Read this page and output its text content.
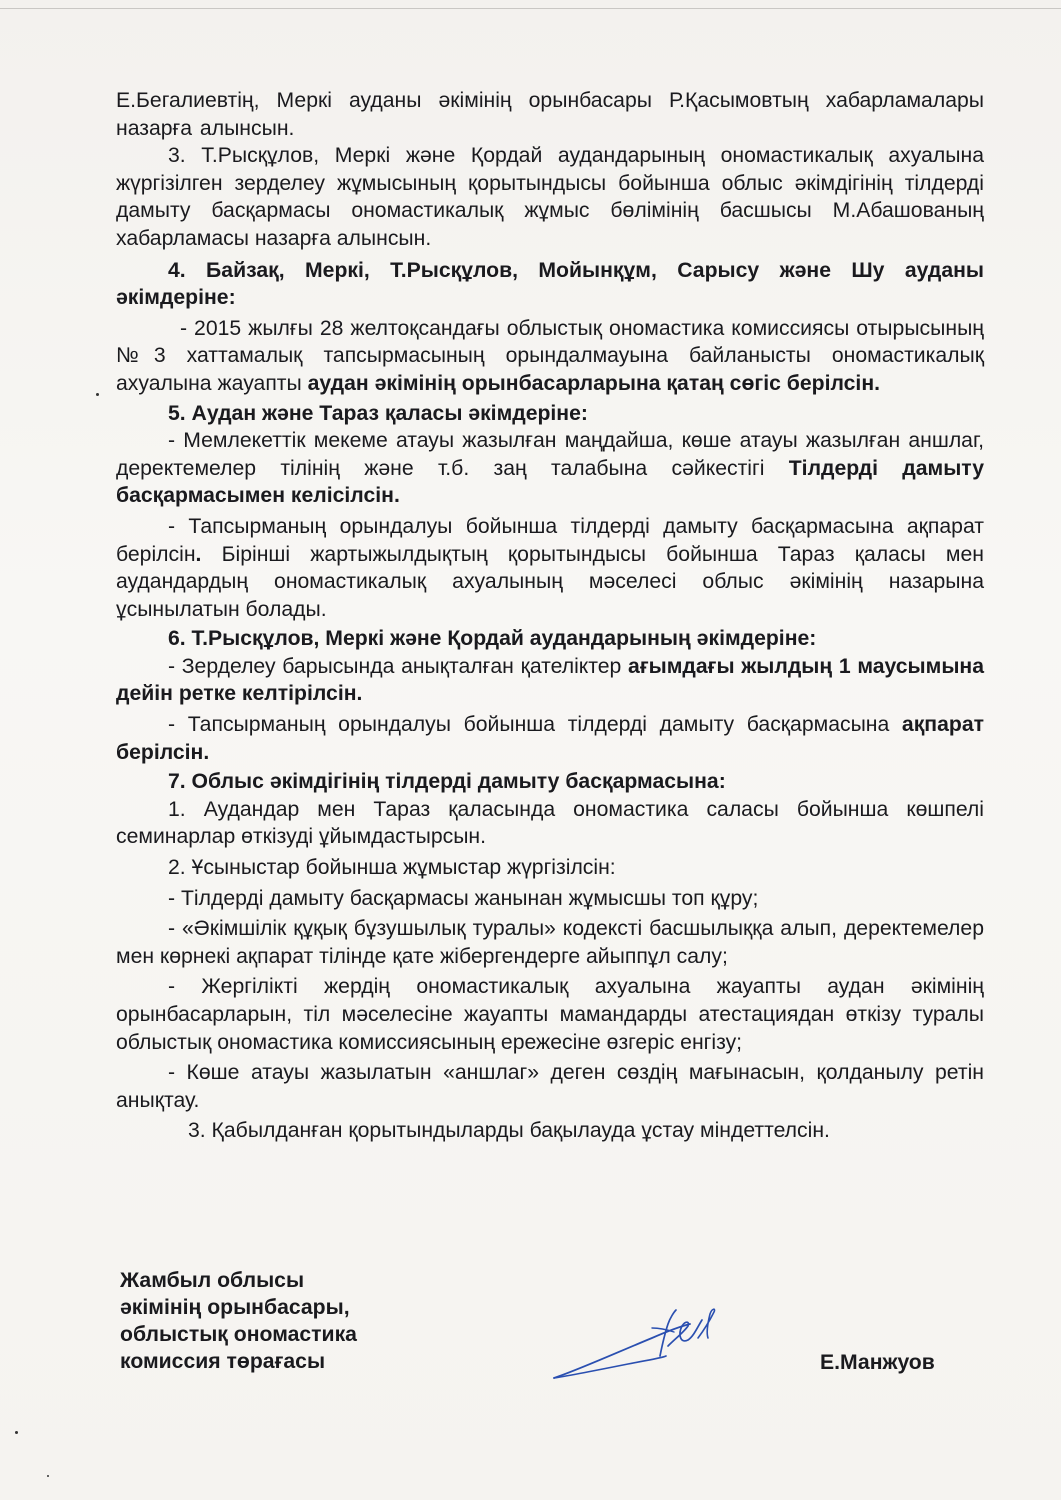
Е.Бегалиевтің, Меркі ауданы әкімінің орынбасары Р.Қасымовтың хабарламалары назарға алынсын.

3. Т.Рысқұлов, Меркі және Қордай аудандарының ономастикалық ахуалына жүргізілген зерделеу жұмысының қорытындысы бойынша облыс әкімдігінің тілдерді дамыту басқармасы ономастикалық жұмыс бөлімінің басшысы М.Абашованың хабарламасы назарға алынсын.

4. Байзақ, Меркі, Т.Рысқұлов, Мойынқұм, Сарысу және Шу ауданы әкімдеріне:

- 2015 жылғы 28 желтоқсандағы облыстық ономастика комиссиясы отырысының №3 хаттамалық тапсырмасының орындалмауына байланысты ономастикалық ахуалына жауапты аудан әкімінің орынбасарларына қатаң сөгіс берілсін.

5. Аудан және Тараз қаласы әкімдеріне:

- Мемлекеттік мекеме атауы жазылған маңдайша, көше атауы жазылған аншлаг, деректемелер тілінің және т.б. заң талабына сәйкестігі Тілдерді дамыту басқармасымен келісілсін.

- Тапсырманың орындалуы бойынша тілдерді дамыту басқармасына ақпарат берілсін. Бірінші жартыжылдықтың қорытындысы бойынша Тараз қаласы мен аудандардың ономастикалық ахуалының мәселесі облыс әкімінің назарына ұсынылатын болады.

6. Т.Рысқұлов, Меркі және Қордай аудандарының әкімдеріне:

- Зерделеу барысында анықталған қателіктер ағымдағы жылдың 1 маусымына дейін ретке келтірілсін.

- Тапсырманың орындалуы бойынша тілдерді дамыту басқармасына ақпарат берілсін.

7. Облыс әкімдігінің тілдерді дамыту басқармасына:

1. Аудандар мен Тараз қаласында ономастика саласы бойынша көшпелі семинарлар өткізуді ұйымдастырсын.

2. Ұсыныстар бойынша жұмыстар жүргізілсін:

- Тілдерді дамыту басқармасы жанынан жұмысшы топ құру;

- «Әкімшілік құқық бұзушылық туралы» кодексті басшылыққа алып, деректемелер мен көрнекі ақпарат тілінде қате жібергендерге айыппұл салу;

- Жергілікті жердің ономастикалық ахуалына жауапты аудан әкімінің орынбасарларын, тіл мәселесіне жауапты мамандарды атестациядан өткізу туралы облыстық ономастика комиссиясының ережесіне өзгеріс енгізу;

- Көше атауы жазылатын «аншлаг» деген сөздің мағынасын, қолданылу ретін анықтау.

3. Қабылданған қорытындыларды бақылауда ұстау міндеттелсін.

Жамбыл облысы
әкімінің орынбасары,
облыстық ономастика
комиссия төрағасы	Е.Манжуов
